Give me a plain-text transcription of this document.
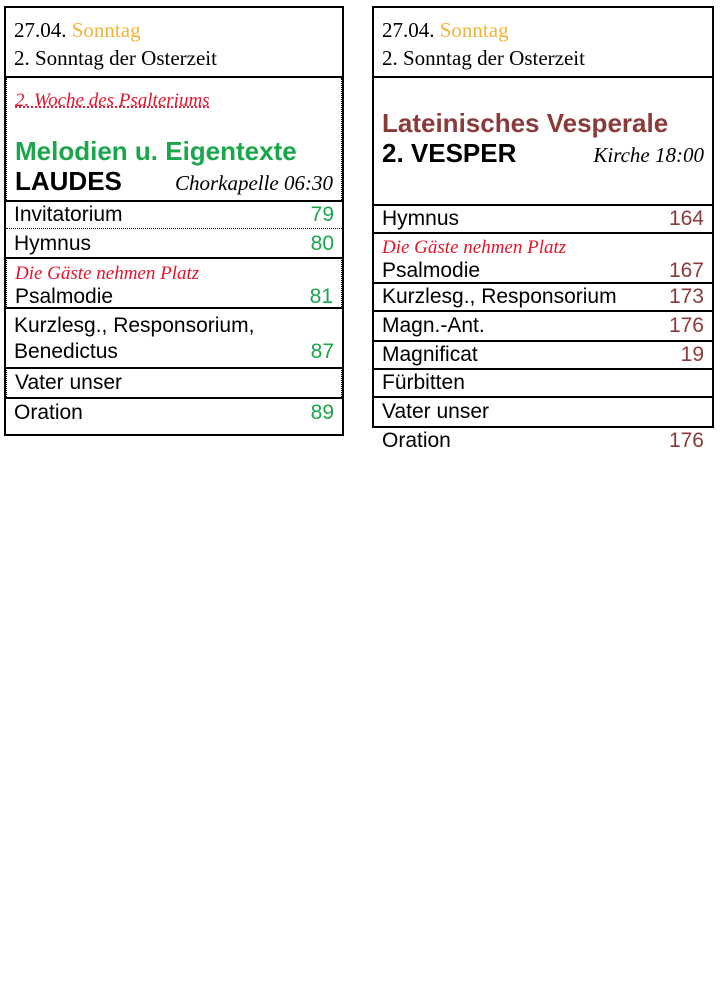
27.04. Sonntag
2. Sonntag der Osterzeit
2. Woche des Psalteriums
Melodien u. Eigentexte
LAUDES	Chorkapelle 06:30
Invitatorium	79
Hymnus	80
Die Gäste nehmen Platz
Psalmodie	81
Kurzlesg., Responsorium,
Benedictus	87
Vater unser
Oration	89
27.04. Sonntag
2. Sonntag der Osterzeit
Lateinisches Vesperale
2. VESPER	Kirche 18:00
Hymnus	164
Die Gäste nehmen Platz
Psalmodie	167
Kurzlesg., Responsorium 173
Magn.-Ant.	176
Magnificat	19
Fürbitten
Vater unser
Oration	176
